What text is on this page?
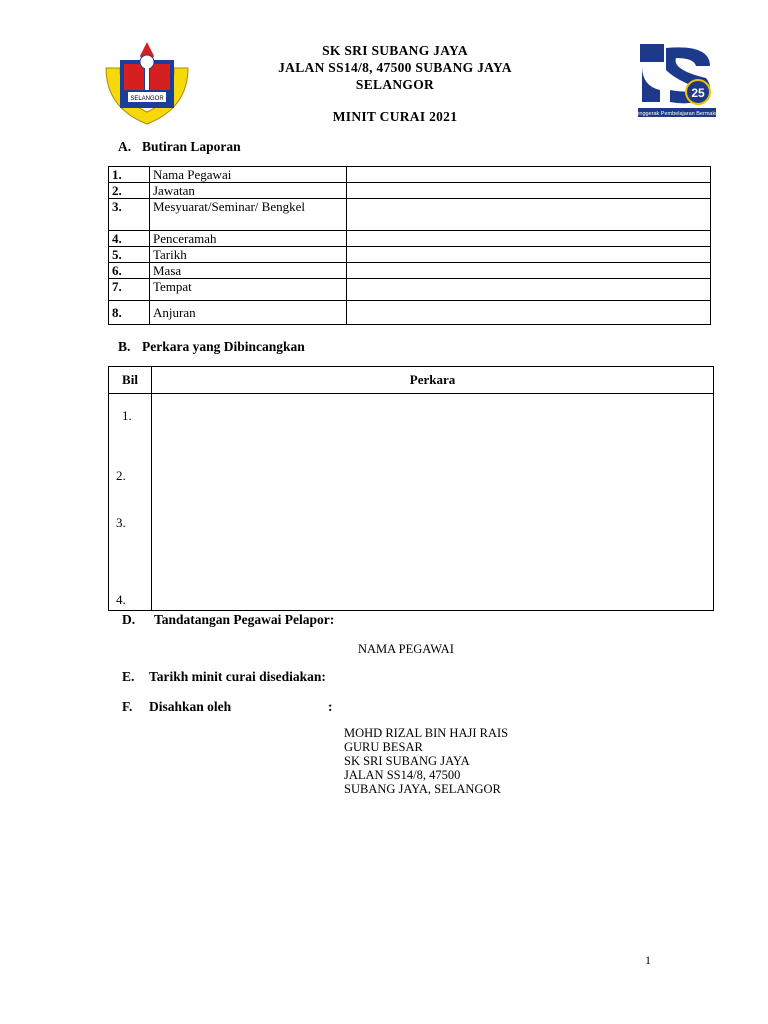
SELANGOR	25
Penggerak Pembelajaran Bermakna
SK SRI SUBANG JAYA
JALAN SS14/8, 47500 SUBANG JAYA
SELANGOR
MINIT CURAI 2021
A. Butiran Laporan
1.	Nama Pegawai	
2.	Jawatan	
3.	Mesyuarat/Seminar/ Bengkel	
4.	Penceramah	
5.	Tarikh	
6.	Masa	
7.	Tempat	
8.	Anjuran	
B. Perkara yang Dibincangkan
Bil	Perkara

1.
2.
3.
4.
D. Tandatangan Pegawai Pelapor:
NAMA PEGAWAI
E. Tarikh minit curai disediakan:
F. Disahkan oleh	:
MOHD RIZAL BIN HAJI RAIS
GURU BESAR
SK SRI SUBANG JAYA
JALAN SS14/8, 47500
SUBANG JAYA, SELANGOR
1
